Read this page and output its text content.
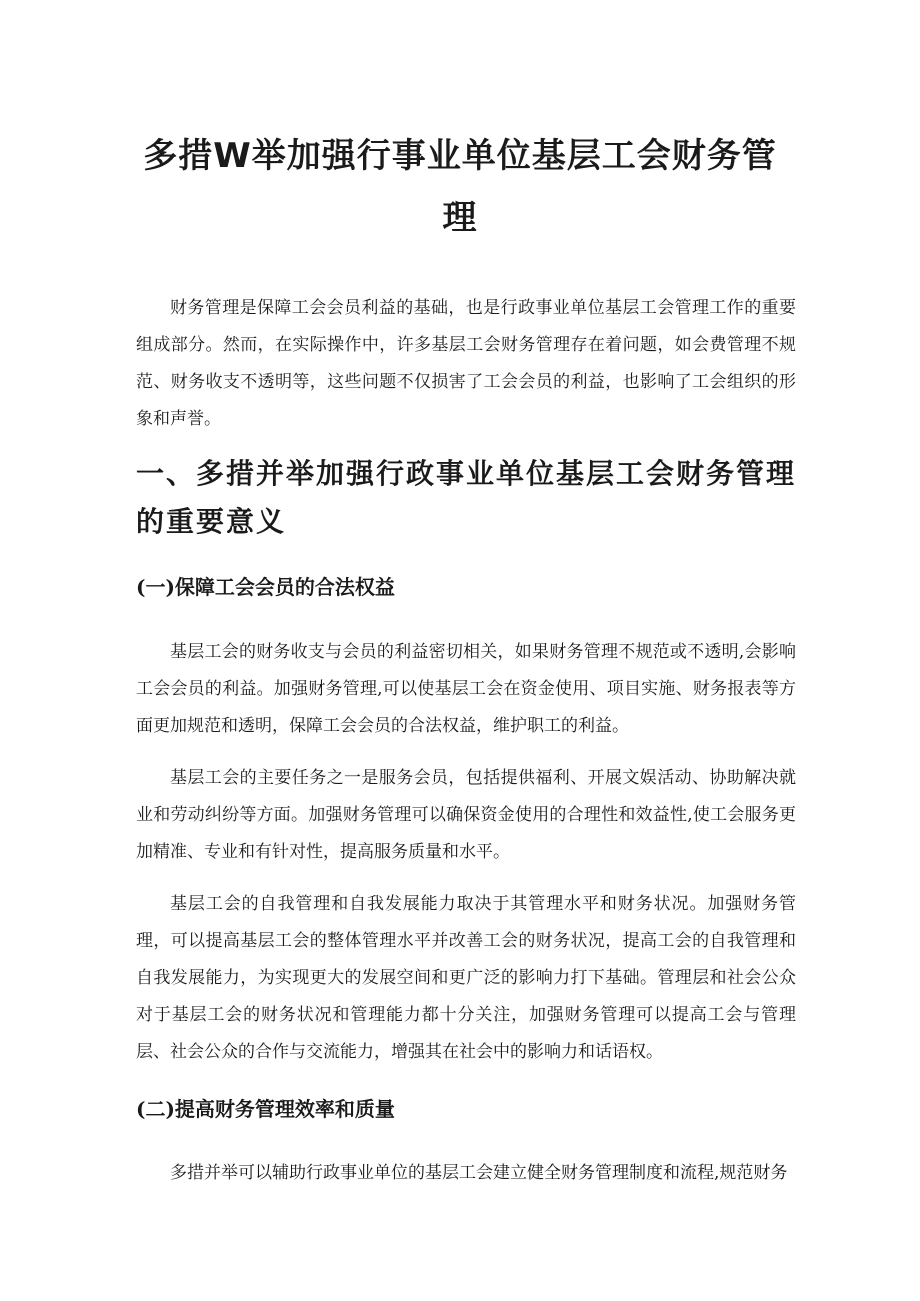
多措W举加强行事业单位基层工会财务管
理

财务管理是保障工会会员利益的基础，也是行政事业单位基层工会管理工作的重要组成部分。然而，在实际操作中，许多基层工会财务管理存在着问题，如会费管理不规范、财务收支不透明等，这些问题不仅损害了工会会员的利益，也影响了工会组织的形象和声誉。

一、多措并举加强行政事业单位基层工会财务管理的重要意义
(一)保障工会会员的合法权益

基层工会的财务收支与会员的利益密切相关，如果财务管理不规范或不透明,会影响工会会员的利益。加强财务管理,可以使基层工会在资金使用、项目实施、财务报表等方面更加规范和透明，保障工会会员的合法权益，维护职工的利益。

基层工会的主要任务之一是服务会员，包括提供福利、开展文娱活动、协助解决就业和劳动纠纷等方面。加强财务管理可以确保资金使用的合理性和效益性,使工会服务更加精准、专业和有针对性，提高服务质量和水平。

基层工会的自我管理和自我发展能力取决于其管理水平和财务状况。加强财务管理，可以提高基层工会的整体管理水平并改善工会的财务状况，提高工会的自我管理和自我发展能力，为实现更大的发展空间和更广泛的影响力打下基础。管理层和社会公众对于基层工会的财务状况和管理能力都十分关注，加强财务管理可以提高工会与管理层、社会公众的合作与交流能力，增强其在社会中的影响力和话语权。

(二)提高财务管理效率和质量

多措并举可以辅助行政事业单位的基层工会建立健全财务管理制度和流程,规范财务
